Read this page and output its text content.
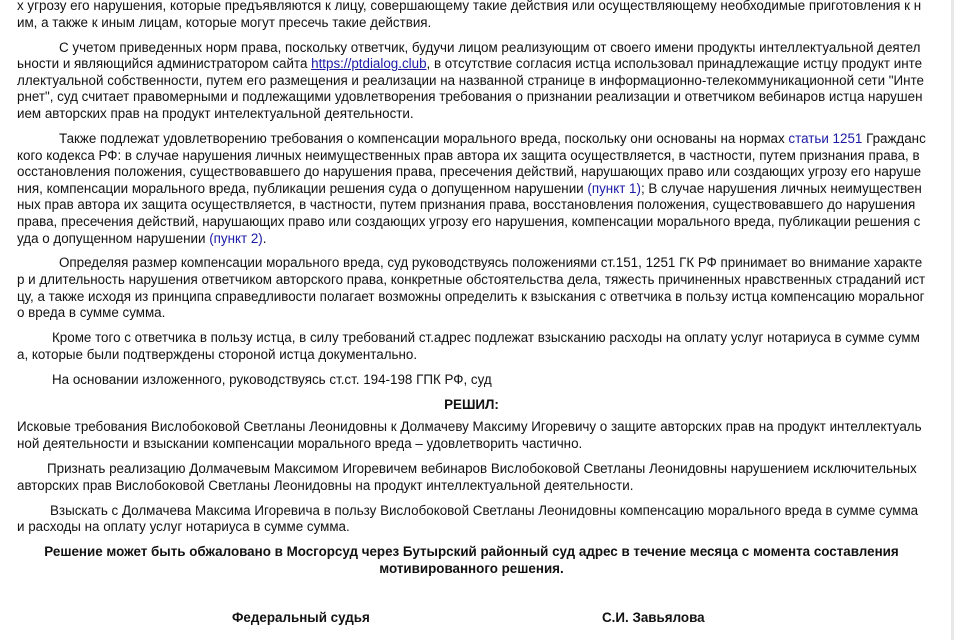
х угрозу его нарушения, которые предъявляются к лицу, совершающему такие действия или осуществляющему необходимые приготовления к ним, а также к иным лицам, которые могут пресечь такие действия.

С учетом приведенных норм права, поскольку ответчик, будучи лицом реализующим от своего имени продукты интеллектуальной деятельности и являющийся администратором сайта https://ptdialog.club, в отсутствие согласия истца использовал принадлежащие истцу продукт интеллектуальной собственности, путем его размещения и реализации на названной странице в информационно-телекоммуникационной сети "Интернет", суд считает правомерными и подлежащими удовлетворения требования о признании реализации и ответчиком вебинаров истца нарушением авторских прав на продукт интелектуальной деятельности.

Также подлежат удовлетворению требования о компенсации морального вреда, поскольку они основаны на нормах статьи 1251 Гражданского кодекса РФ: в случае нарушения личных неимущественных прав автора их защита осуществляется, в частности, путем признания права, восстановления положения, существовавшего до нарушения права, пресечения действий, нарушающих право или создающих угрозу его нарушения, компенсации морального вреда, публикации решения суда о допущенном нарушении (пункт 1); В случае нарушения личных неимущественных прав автора их защита осуществляется, в частности, путем признания права, восстановления положения, существовавшего до нарушения права, пресечения действий, нарушающих право или создающих угрозу его нарушения, компенсации морального вреда, публикации решения суда о допущенном нарушении (пункт 2).

Определяя размер компенсации морального вреда, суд руководствуясь положениями ст.151, 1251 ГК РФ принимает во внимание характер и длительность нарушения ответчиком авторского права, конкретные обстоятельства дела, тяжесть причиненных нравственных страданий истцу, а также исходя из принципа справедливости полагает возможны определить к взыскания с ответчика в пользу истца компенсацию морального вреда в сумме сумма.

Кроме того с ответчика в пользу истца, в силу требований ст.адрес подлежат взысканию расходы на оплату услуг нотариуса в сумме сумма, которые были подтверждены стороной истца документально.

На основании изложенного, руководствуясь ст.ст. 194-198 ГПК РФ, суд

РЕШИЛ:

Исковые требования Вислобоковой Светланы Леонидовны к Долмачеву Максиму Игоревичу о защите авторских прав на продукт интеллектуальной деятельности и взыскании компенсации морального вреда – удовлетворить частично.

Признать реализацию Долмачевым Максимом Игоревичем вебинаров Вислобоковой Светланы Леонидовны нарушением исключительных авторских прав Вислобоковой Светланы Леонидовны на продукт интеллектуальной деятельности.

Взыскать с Долмачева Максима Игоревича в пользу Вислобоковой Светланы Леонидовны компенсацию морального вреда в сумме сумма и расходы на оплату услуг нотариуса в сумме сумма.

Решение может быть обжаловано в Мосгорсуд через Бутырский районный суд адрес в течение месяца с момента составления мотивированного решения.

Федеральный судья	С.И. Завьялова
